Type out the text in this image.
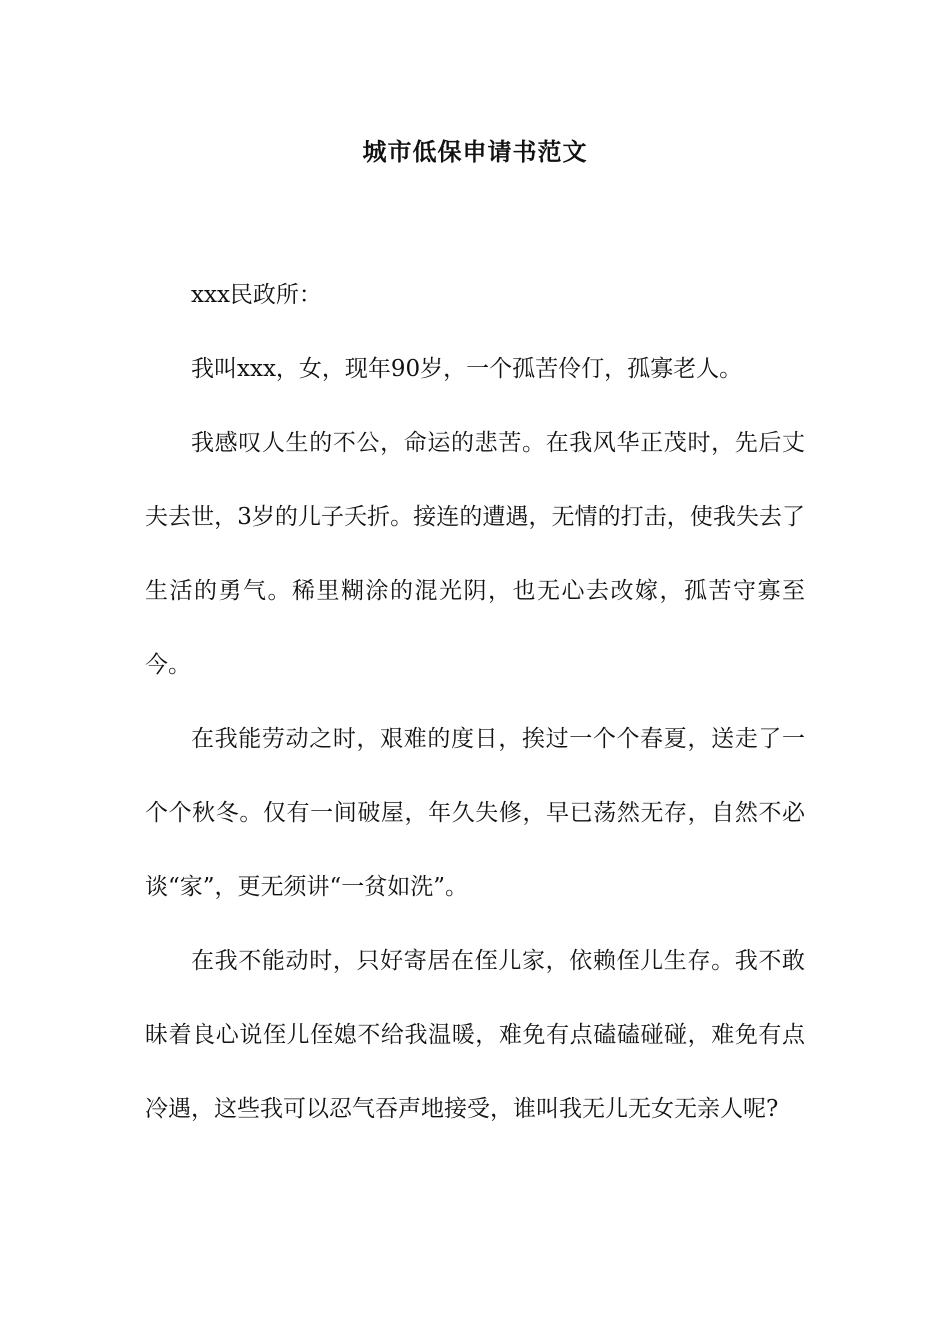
城市低保申请书范文

xxx民政所：

我叫xxx，女，现年90岁，一个孤苦伶仃，孤寡老人。

我感叹人生的不公，命运的悲苦。在我风华正茂时，先后丈夫去世，3岁的儿子夭折。接连的遭遇，无情的打击，使我失去了生活的勇气。稀里糊涂的混光阴，也无心去改嫁，孤苦守寡至今。

在我能劳动之时，艰难的度日，挨过一个个春夏，送走了一个个秋冬。仅有一间破屋，年久失修，早已荡然无存，自然不必谈“家”，更无须讲“一贫如洗”。

在我不能动时，只好寄居在侄儿家，依赖侄儿生存。我不敢昧着良心说侄儿侄媳不给我温暖，难免有点磕磕碰碰，难免有点冷遇，这些我可以忍气吞声地接受，谁叫我无儿无女无亲人呢?
